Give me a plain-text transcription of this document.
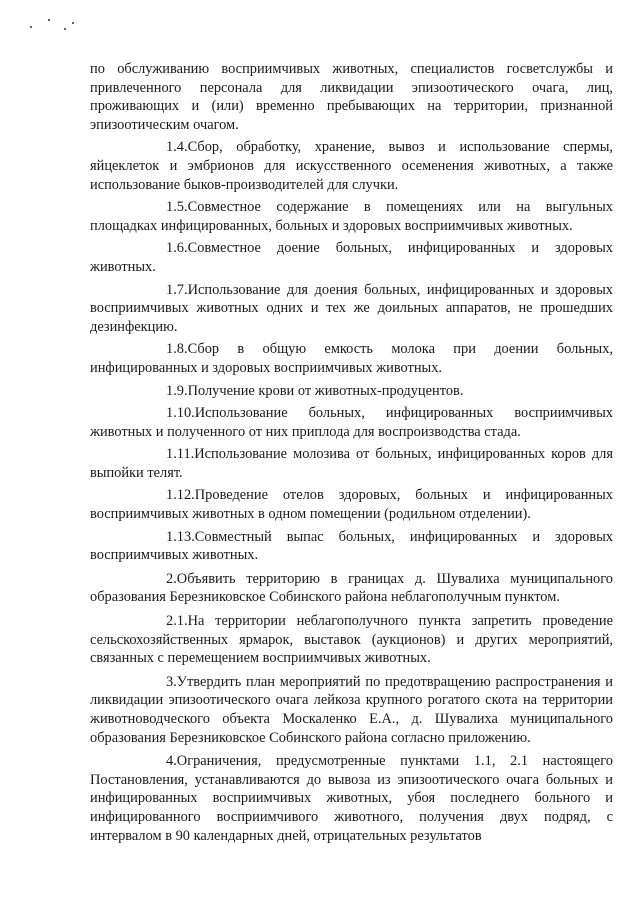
по обслуживанию восприимчивых животных, специалистов госветслужбы и привлеченного персонала для ликвидации эпизоотического очага, лиц, проживающих и (или) временно пребывающих на территории, признанной эпизоотическим очагом.

1.4.Сбор, обработку, хранение, вывоз и использование спермы, яйцеклеток и эмбрионов для искусственного осеменения животных, а также использование быков-производителей для случки.

1.5.Совместное содержание в помещениях или на выгульных площадках инфицированных, больных и здоровых восприимчивых животных.

1.6.Совместное доение больных, инфицированных и здоровых животных.

1.7.Использование для доения больных, инфицированных и здоровых восприимчивых животных одних и тех же доильных аппаратов, не прошедших дезинфекцию.

1.8.Сбор в общую емкость молока при доении больных, инфицированных и здоровых восприимчивых животных.

1.9.Получение крови от животных-продуцентов.

1.10.Использование больных, инфицированных восприимчивых животных и полученного от них приплода для воспроизводства стада.

1.11.Использование молозива от больных, инфицированных коров для выпойки телят.

1.12.Проведение отелов здоровых, больных и инфицированных восприимчивых животных в одном помещении (родильном отделении).

1.13.Совместный выпас больных, инфицированных и здоровых восприимчивых животных.

2.Объявить территорию в границах д. Шувалиха муниципального образования Березниковское Собинского района неблагополучным пунктом.

2.1.На территории неблагополучного пункта запретить проведение сельскохозяйственных ярмарок, выставок (аукционов) и других мероприятий, связанных с перемещением восприимчивых животных.

3.Утвердить план мероприятий по предотвращению распространения и ликвидации эпизоотического очага лейкоза крупного рогатого скота на территории животноводческого объекта Москаленко Е.А., д. Шувалиха муниципального образования Березниковское Собинского района согласно приложению.

4.Ограничения, предусмотренные пунктами 1.1, 2.1 настоящего Постановления, устанавливаются до вывоза из эпизоотического очага больных и инфицированных восприимчивых животных, убоя последнего больного и инфицированного восприимчивого животного, получения двух подряд, с интервалом в 90 календарных дней, отрицательных результатов
